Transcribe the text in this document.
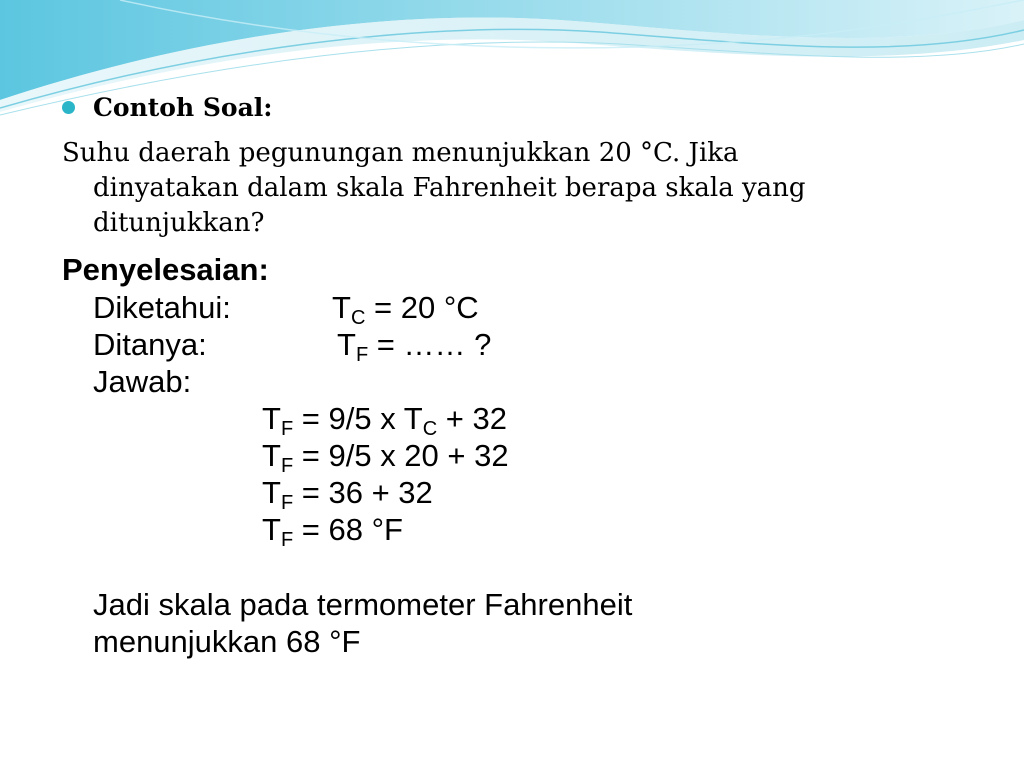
Contoh Soal:
Suhu daerah pegunungan menunjukkan 20 °C. Jika
dinyatakan dalam skala Fahrenheit berapa skala yang
ditunjukkan?
Penyelesaian:
Diketahui:	$T_C = 20$ °C
Ditanya:	$T_F$ = …… ?
Jawab:
$T_F = 9/5$ x $T_C + 32$
$T_F = 9/5$ x 20 + 32
$T_F = 36 + 32$
$T_F = 68$ °F
Jadi skala pada termometer Fahrenheit
menunjukkan 68 °F
